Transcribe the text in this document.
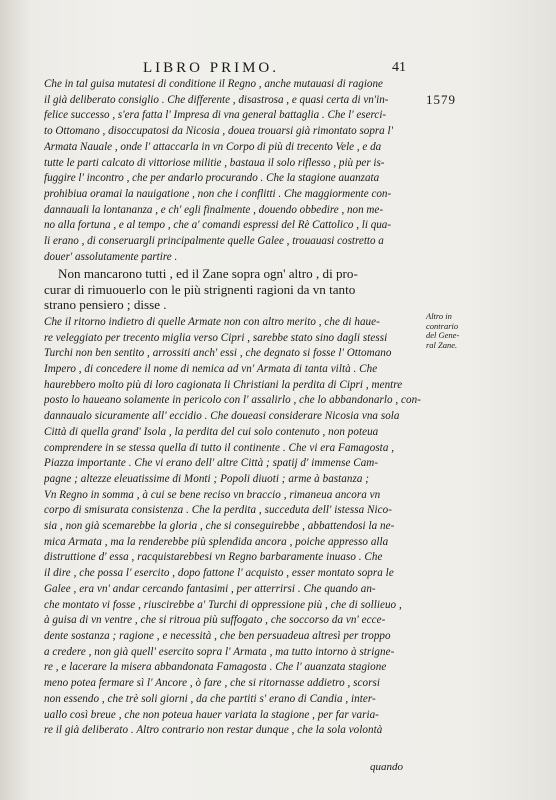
LIBRO PRIMO.	41
1579
Altro in
contrario
del Gene-
ral Zane.
Che in tal guisa mutatesi di conditione il Regno , anche mutauasi di ragione
il già deliberato consiglio . Che differente , disastrosa , e quasi certa di vn'in-
felice successo , s'era fatta l' Impresa di vna general battaglia . Che l' eserci-
to Ottomano , disoccupatosi da Nicosia , doueа trouarsi già rimontato sopra l'
Armata Nauale , onde l' attaccarla in vn Corpo di più di trecento Vele , e da
tutte le parti calcato di vittoriose militie , bastaua il solo riflesso , più per is-
fuggire l' incontro , che per andarlo procurando . Che la stagione auanzata
prohibiua oramai la nauigatione , non che i conflitti . Che maggiormente con-
dannauali la lontananza , e ch' egli finalmente , douendo obbedire , non me-
no alla fortuna , e al tempo , che a' comandi espressi del Rè Cattolico , li qua-
li erano , di conseruargli principalmente quelle Galee , trouauasi costretto a
douer' assolutamente partire .
Non mancarono tutti , ed il Zane sopra ogn' altro , di pro-
curar di rimuouerlo con le più strignenti ragioni da vn tanto
strano pensiero ; disse .
Che il ritorno indietro di quelle Armate non con altro merito , che di haue-
re veleggiato per trecento miglia verso Cipri , sarebbe stato sino dagli stessi
Turchi non ben sentito , arrossiti anch' essi , che degnato si fosse l' Ottomano
Impero , di concedere il nome di nemica ad vn' Armata di tanta viltà . Che
haurebbero molto più di loro cagionata li Christiani la perdita di Cipri , mentre
posto lo haueano solamente in pericolo con l' assalirlo , che lo abbandonarlo , con-
dannaualo sicuramente all' eccidio . Che doueasi considerare Nicosia vna sola
Città di quella grand' Isola , la perdita del cui solo contenuto , non poteua
comprendere in se stessa quella di tutto il continente . Che vi era Famagosta ,
Piazza importante . Che vi erano dell' altre Città ; spatij d' immense Cam-
pagne ; altezze eleuatissime di Monti ; Popoli diuoti ; arme à bastanza ;
Vn Regno in somma , à cui se bene reciso vn braccio , rimaneua ancora vn
corpo di smisurata consistenza . Che la perdita , succeduta dell' istessa Nico-
sia , non già scemarebbe la gloria , che si conseguirebbe , abbattendosi la ne-
mica Armata , ma la renderebbe più splendida ancora , poiche appresso alla
distruttione d' essa , racquistarebbesi vn Regno barbaramente inuaso . Che
il dire , che possa l' esercito , dopo fattone l' acquisto , esser montato sopra le
Galee , era vn' andar cercando fantasimi , per atterrirsi . Che quando an-
che montato vi fosse , riuscirebbe a' Turchi di oppressione più , che di sollieuo ,
à guisa di vn ventre , che si ritroua più suffogato , che soccorso da vn' ecce-
dente sostanza ; ragione , e necessità , che ben persuadeua altresì per troppo
a credere , non già quell' esercito sopra l' Armata , ma tutto intorno à strigne-
re , e lacerare la misera abbandonata Famagosta . Che l' auanzata stagione
meno potea fermare sì l' Ancore , ò fare , che si ritornasse addietro , scorsi
non essendo , che trè soli giorni , da che partiti s' erano di Candia , inter-
uallo così breue , che non poteua hauer variata la stagione , per far varia-
re il già deliberato . Altro contrario non restar dunque , che la sola volontà
quando
